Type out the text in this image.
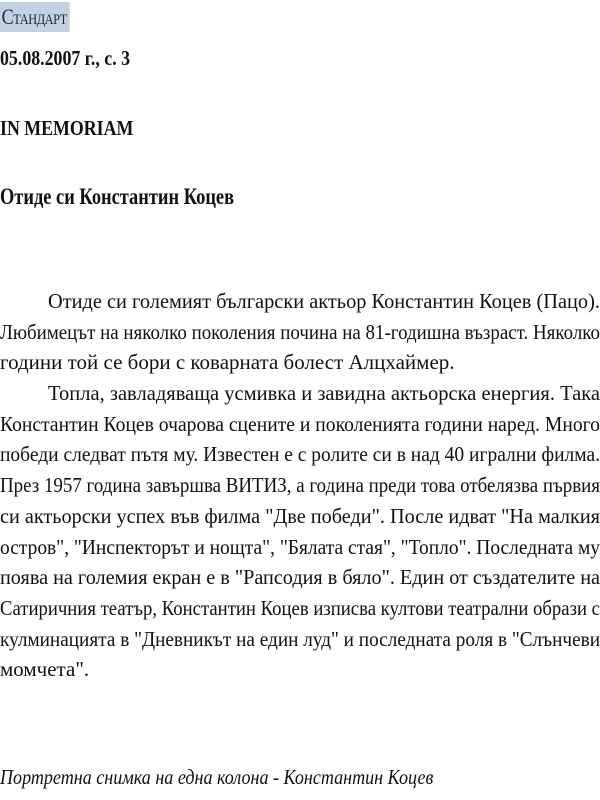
Стандарт
05.08.2007 г., с. 3
IN MEMORIAM
Отиде си Константин Коцев
Отиде си големият български актьор Константин Коцев (Пацо).
Любимецът на няколко поколения почина на 81-годишна възраст. Няколко
години той се бори с коварната болест Алцхаймер.
Топла, завладяваща усмивка и завидна актьорска енергия. Така
Константин Коцев очарова сцените и поколенията години наред. Много
победи следват пътя му. Известен е с ролите си в над 40 игрални филма.
През 1957 година завършва ВИТИЗ, а година преди това отбелязва първия
си актьорски успех във филма "Две победи". После идват "На малкия
остров", "Инспекторът и нощта", "Бялата стая", "Топло". Последната му
поява на големия екран е в "Рапсодия в бяло". Един от създателите на
Сатиричния театър, Константин Коцев изписва култови театрални образи с
кулминацията в "Дневникът на един луд" и последната роля в "Слънчеви
момчета".
Портретна снимка на една колона - Константин Коцев
